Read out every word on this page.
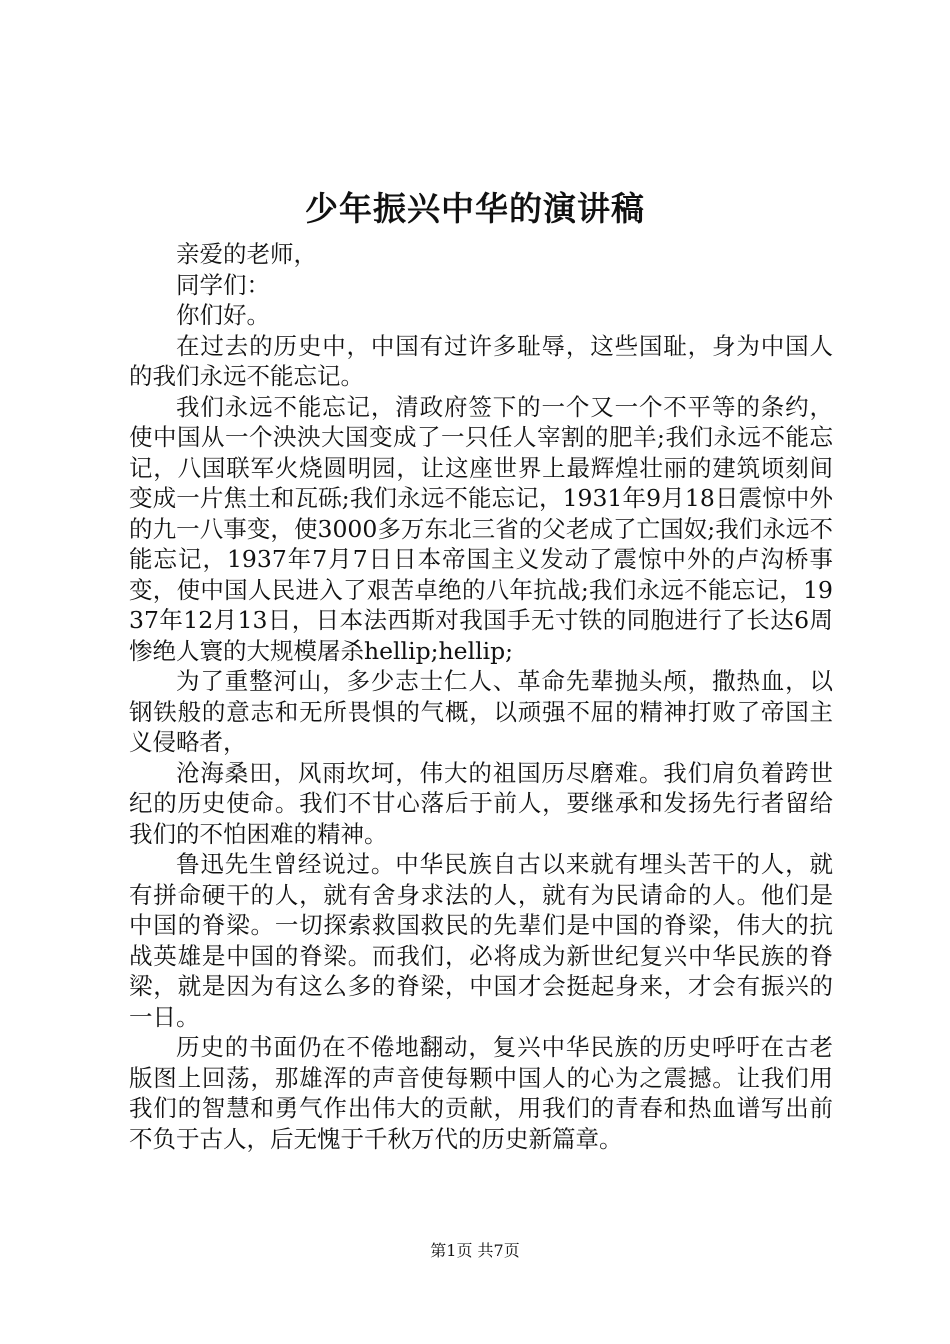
少年振兴中华的演讲稿

亲爱的老师，

同学们：

你们好。

在过去的历史中，中国有过许多耻辱，这些国耻，身为中国人的我们永远不能忘记。

我们永远不能忘记，清政府签下的一个又一个不平等的条约，使中国从一个泱泱大国变成了一只任人宰割的肥羊;我们永远不能忘记，八国联军火烧圆明园，让这座世界上最辉煌壮丽的建筑顷刻间变成一片焦土和瓦砾;我们永远不能忘记，1931年9月18日震惊中外的九一八事变，使3000多万东北三省的父老成了亡国奴;我们永远不能忘记，1937年7月7日日本帝国主义发动了震惊中外的卢沟桥事变，使中国人民进入了艰苦卓绝的八年抗战;我们永远不能忘记，1937年12月13日，日本法西斯对我国手无寸铁的同胞进行了长达6周惨绝人寰的大规模屠杀hellip;hellip;

为了重整河山，多少志士仁人、革命先辈抛头颅，撒热血，以钢铁般的意志和无所畏惧的气概，以顽强不屈的精神打败了帝国主义侵略者，

沧海桑田，风雨坎坷，伟大的祖国历尽磨难。我们肩负着跨世纪的历史使命。我们不甘心落后于前人，要继承和发扬先行者留给我们的不怕困难的精神。

鲁迅先生曾经说过。中华民族自古以来就有埋头苦干的人，就有拼命硬干的人，就有舍身求法的人，就有为民请命的人。他们是中国的脊梁。一切探索救国救民的先辈们是中国的脊梁，伟大的抗战英雄是中国的脊梁。而我们，必将成为新世纪复兴中华民族的脊梁，就是因为有这么多的脊梁，中国才会挺起身来，才会有振兴的一日。

历史的书面仍在不倦地翻动，复兴中华民族的历史呼吁在古老版图上回荡，那雄浑的声音使每颗中国人的心为之震撼。让我们用我们的智慧和勇气作出伟大的贡献，用我们的青春和热血谱写出前不负于古人，后无愧于千秋万代的历史新篇章。

第1页 共7页
